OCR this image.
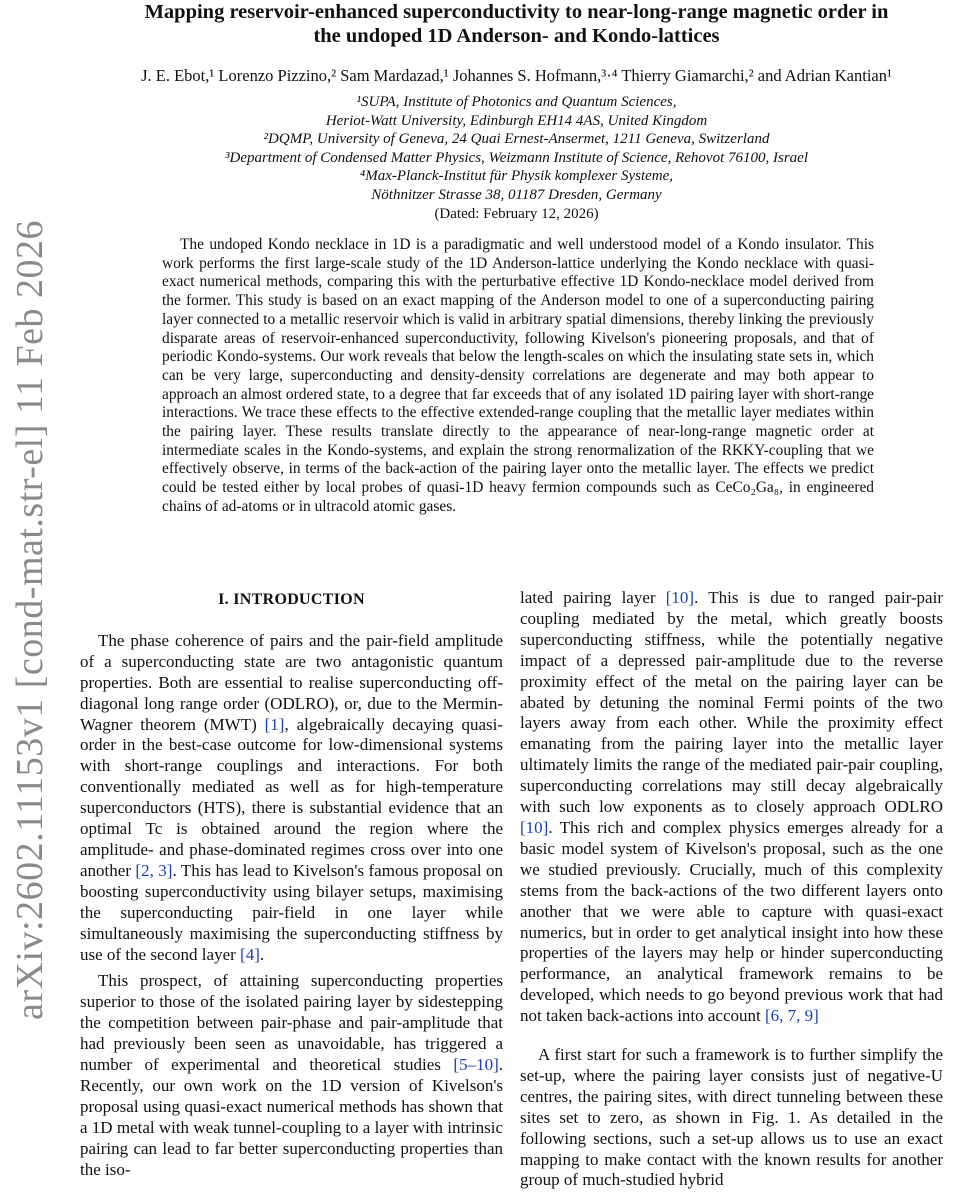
arXiv:2602.11153v1 [cond-mat.str-el] 11 Feb 2026
Mapping reservoir-enhanced superconductivity to near-long-range magnetic order in
the undoped 1D Anderson- and Kondo-lattices
J. E. Ebot,¹ Lorenzo Pizzino,² Sam Mardazad,¹ Johannes S. Hofmann,³·⁴ Thierry Giamarchi,² and Adrian Kantian¹
¹SUPA, Institute of Photonics and Quantum Sciences,
Heriot-Watt University, Edinburgh EH14 4AS, United Kingdom
²DQMP, University of Geneva, 24 Quai Ernest-Ansermet, 1211 Geneva, Switzerland
³Department of Condensed Matter Physics, Weizmann Institute of Science, Rehovot 76100, Israel
⁴Max-Planck-Institut für Physik komplexer Systeme,
Nöthnitzer Strasse 38, 01187 Dresden, Germany
(Dated: February 12, 2026)
The undoped Kondo necklace in 1D is a paradigmatic and well understood model of a Kondo insulator. This work performs the first large-scale study of the 1D Anderson-lattice underlying the Kondo necklace with quasi-exact numerical methods, comparing this with the perturbative effective 1D Kondo-necklace model derived from the former. This study is based on an exact mapping of the Anderson model to one of a superconducting pairing layer connected to a metallic reservoir which is valid in arbitrary spatial dimensions, thereby linking the previously disparate areas of reservoir-enhanced superconductivity, following Kivelson's pioneering proposals, and that of periodic Kondo-systems. Our work reveals that below the length-scales on which the insulating state sets in, which can be very large, superconducting and density-density correlations are degenerate and may both appear to approach an almost ordered state, to a degree that far exceeds that of any isolated 1D pairing layer with short-range interactions. We trace these effects to the effective extended-range coupling that the metallic layer mediates within the pairing layer. These results translate directly to the appearance of near-long-range magnetic order at intermediate scales in the Kondo-systems, and explain the strong renormalization of the RKKY-coupling that we effectively observe, in terms of the back-action of the pairing layer onto the metallic layer. The effects we predict could be tested either by local probes of quasi-1D heavy fermion compounds such as CeCo₂Ga₈, in engineered chains of ad-atoms or in ultracold atomic gases.
I. INTRODUCTION

The phase coherence of pairs and the pair-field amplitude of a superconducting state are two antagonistic quantum properties. Both are essential to realise superconducting off-diagonal long range order (ODLRO), or, due to the Mermin-Wagner theorem (MWT) [1], algebraically decaying quasi-order in the best-case outcome for low-dimensional systems with short-range couplings and interactions. For both conventionally mediated as well as for high-temperature superconductors (HTS), there is substantial evidence that an optimal Tc is obtained around the region where the amplitude- and phase-dominated regimes cross over into one another [2, 3]. This has lead to Kivelson's famous proposal on boosting superconductivity using bilayer setups, maximising the superconducting pair-field in one layer while simultaneously maximising the superconducting stiffness by use of the second layer [4].

This prospect, of attaining superconducting properties superior to those of the isolated pairing layer by sidestepping the competition between pair-phase and pair-amplitude that had previously been seen as unavoidable, has triggered a number of experimental and theoretical studies [5–10]. Recently, our own work on the 1D version of Kivelson's proposal using quasi-exact numerical methods has shown that a 1D metal with weak tunnel-coupling to a layer with intrinsic pairing can lead to far better superconducting properties than the iso-

lated pairing layer [10]. This is due to ranged pair-pair coupling mediated by the metal, which greatly boosts superconducting stiffness, while the potentially negative impact of a depressed pair-amplitude due to the reverse proximity effect of the metal on the pairing layer can be abated by detuning the nominal Fermi points of the two layers away from each other. While the proximity effect emanating from the pairing layer into the metallic layer ultimately limits the range of the mediated pair-pair coupling, superconducting correlations may still decay algebraically with such low exponents as to closely approach ODLRO [10]. This rich and complex physics emerges already for a basic model system of Kivelson's proposal, such as the one we studied previously. Crucially, much of this complexity stems from the back-actions of the two different layers onto another that we were able to capture with quasi-exact numerics, but in order to get analytical insight into how these properties of the layers may help or hinder superconducting performance, an analytical framework remains to be developed, which needs to go beyond previous work that had not taken back-actions into account [6, 7, 9]

A first start for such a framework is to further simplify the set-up, where the pairing layer consists just of negative-U centres, the pairing sites, with direct tunneling between these sites set to zero, as shown in Fig. 1. As detailed in the following sections, such a set-up allows us to use an exact mapping to make contact with the known results for another group of much-studied hybrid
